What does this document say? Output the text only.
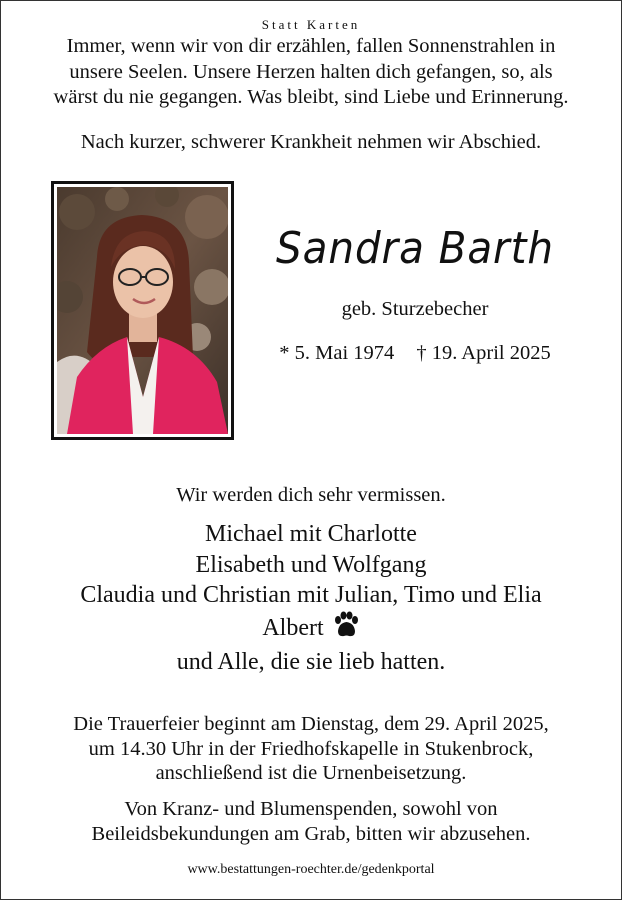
Statt Karten
Immer, wenn wir von dir erzählen, fallen Sonnenstrahlen in
unsere Seelen. Unsere Herzen halten dich gefangen, so, als
wärst du nie gegangen. Was bleibt, sind Liebe und Erinnerung.
Nach kurzer, schwerer Krankheit nehmen wir Abschied.
Sandra Barth
geb. Sturzebecher
* 5. Mai 1974 † 19. April 2025
Wir werden dich sehr vermissen.
Michael mit Charlotte
Elisabeth und Wolfgang
Claudia und Christian mit Julian, Timo und Elia
Albert
und Alle, die sie lieb hatten.
Die Trauerfeier beginnt am Dienstag, dem 29. April 2025,
um 14.30 Uhr in der Friedhofskapelle in Stukenbrock,
anschließend ist die Urnenbeisetzung.
Von Kranz- und Blumenspenden, sowohl von
Beileidsbekundungen am Grab, bitten wir abzusehen.
www.bestattungen-roechter.de/gedenkportal
